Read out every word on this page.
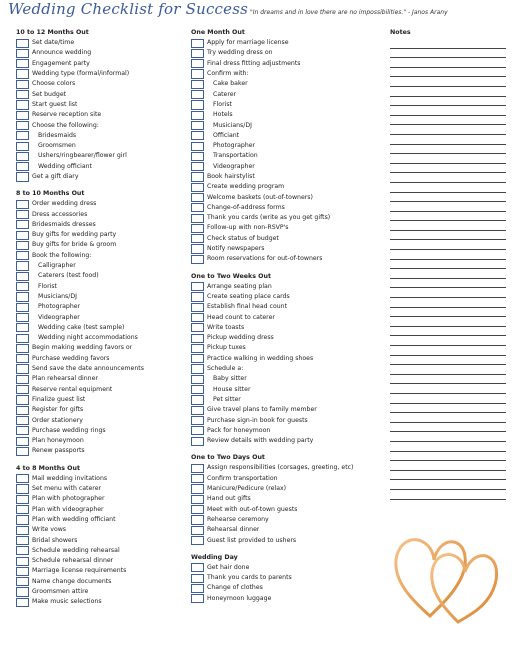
Wedding Checklist for Success "In dreams and in love there are no impossibilities." - Janos Arany
10 to 12 Months Out
Set date/time
Announce wedding
Engagement party
Wedding type (formal/informal)
Choose colors
Set budget
Start guest list
Reserve reception site
Choose the following:
Bridesmaids
Groomsmen
Ushers/ringbearer/flower girl
Wedding officiant
Get a gift diary
8 to 10 Months Out
Order wedding dress
Dress accessories
Bridesmaids dresses
Buy gifts for wedding party
Buy gifts for bride & groom
Book the following:
Calligrapher
Caterers (test food)
Florist
Musicians/DJ
Photographer
Videographer
Wedding cake (test sample)
Wedding night accommodations
Begin making wedding favors or
Purchase wedding favors
Send save the date announcements
Plan rehearsal dinner
Reserve rental equipment
Finalize guest list
Register for gifts
Order stationery
Purchase wedding rings
Plan honeymoon
Renew passports
4 to 8 Months Out
Mail wedding invitations
Set menu with caterer
Plan with photographer
Plan with videographer
Plan with wedding officiant
Write vows
Bridal showers
Schedule wedding rehearsal
Schedule rehearsal dinner
Marriage license requirements
Name change documents
Groomsmen attire
Make music selections
One Month Out
Apply for marriage license
Try wedding dress on
Final dress fitting adjustments
Confirm with:
Cake baker
Caterer
Florist
Hotels
Musicians/DJ
Officiant
Photographer
Transportation
Videographer
Book hairstylist
Create wedding program
Welcome baskets (out-of-towners)
Change-of-address forms
Thank you cards (write as you get gifts)
Follow-up with non-RSVP's
Check status of budget
Notify newspapers
Room reservations for out-of-towners
One to Two Weeks Out
Arrange seating plan
Create seating place cards
Establish final head count
Head count to caterer
Write toasts
Pickup wedding dress
Pickup tuxes
Practice walking in wedding shoes
Schedule a:
Baby sitter
House sitter
Pet sitter
Give travel plans to family member
Purchase sign-in book for guests
Pack for honeymoon
Review details with wedding party
One to Two Days Out
Assign responsibilities (corsages, greeting, etc)
Confirm transportation
Manicure/Pedicure (relax)
Hand out gifts
Meet with out-of-town guests
Rehearse ceremony
Rehearsal dinner
Guest list provided to ushers
Wedding Day
Get hair done
Thank you cards to parents
Change of clothes
Honeymoon luggage
Notes
